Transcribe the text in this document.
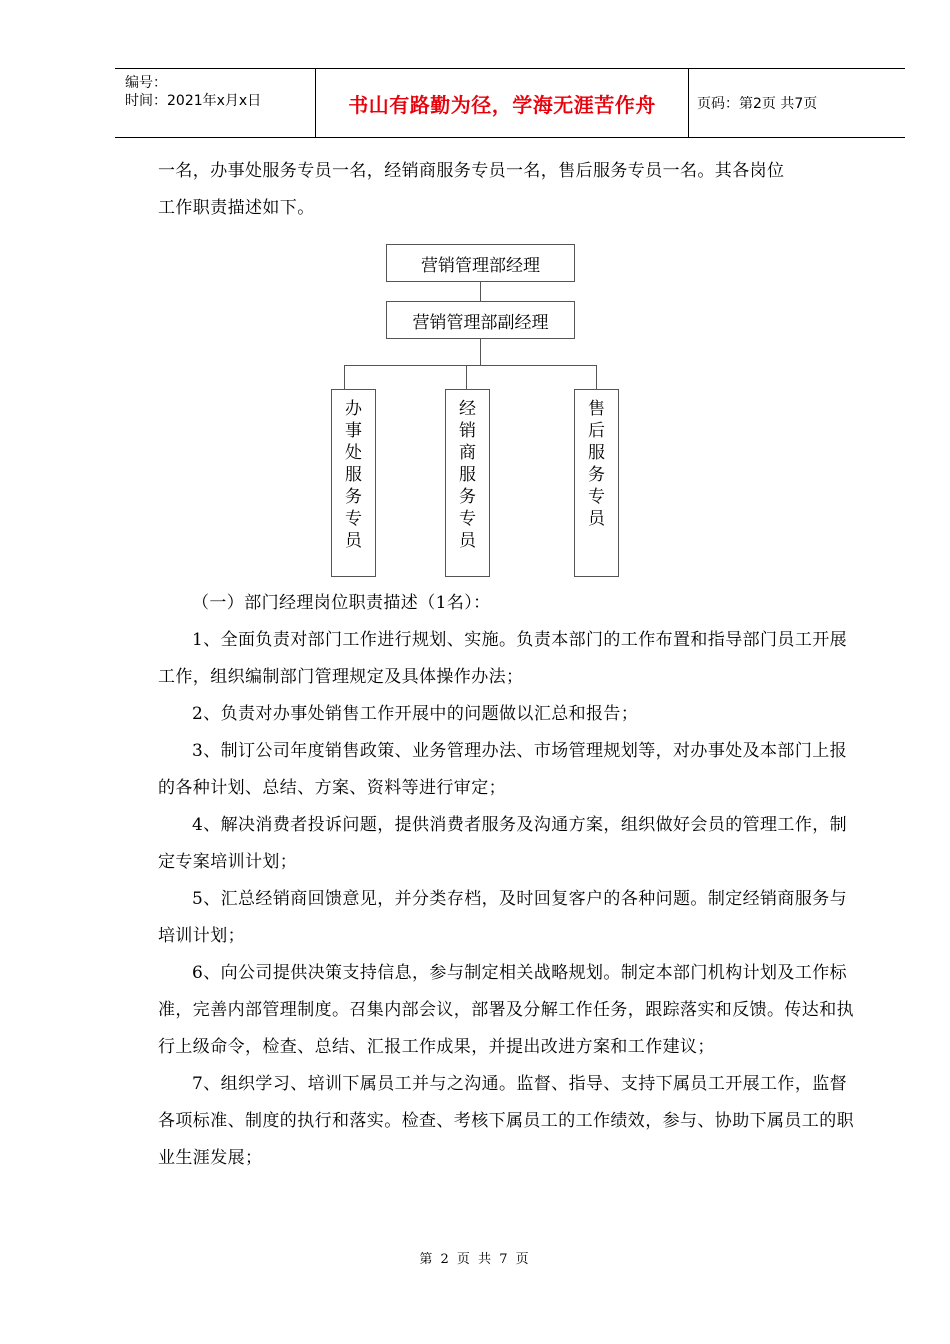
编号：
时间：2021年x月x日	书山有路勤为径，学海无涯苦作舟	页码：第2页 共7页

一名，办事处服务专员一名，经销商服务专员一名，售后服务专员一名。其各岗位

工作职责描述如下。

营销管理部经理
营销管理部副经理
办事处服务专员
经销商服务专员
售后服务专员

（一）部门经理岗位职责描述（1名）：

1、全面负责对部门工作进行规划、实施。负责本部门的工作布置和指导部门员工开展工作，组织编制部门管理规定及具体操作办法；

2、负责对办事处销售工作开展中的问题做以汇总和报告；

3、制订公司年度销售政策、业务管理办法、市场管理规划等，对办事处及本部门上报的各种计划、总结、方案、资料等进行审定；

4、解决消费者投诉问题，提供消费者服务及沟通方案，组织做好会员的管理工作，制定专案培训计划；

5、汇总经销商回馈意见，并分类存档，及时回复客户的各种问题。制定经销商服务与培训计划；

6、向公司提供决策支持信息，参与制定相关战略规划。制定本部门机构计划及工作标准，完善内部管理制度。召集内部会议，部署及分解工作任务，跟踪落实和反馈。传达和执行上级命令，检查、总结、汇报工作成果，并提出改进方案和工作建议；

7、组织学习、培训下属员工并与之沟通。监督、指导、支持下属员工开展工作，监督各项标准、制度的执行和落实。检查、考核下属员工的工作绩效，参与、协助下属员工的职业生涯发展；

第 2 页 共 7 页
